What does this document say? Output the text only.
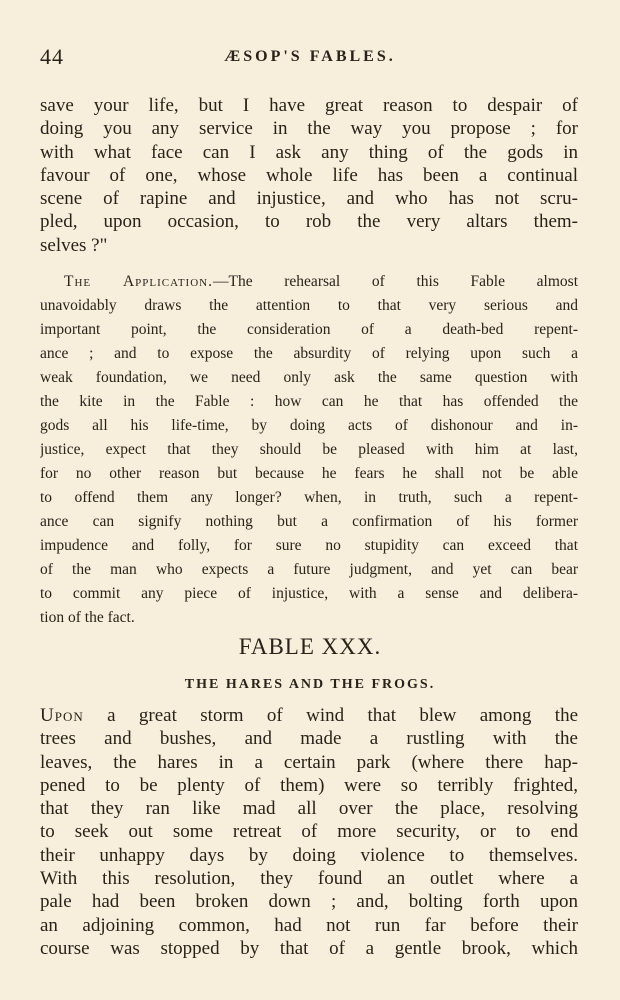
44	ÆSOP'S FABLES.
save your life, but I have great reason to despair of
doing you any service in the way you propose ; for
with what face can I ask any thing of the gods in
favour of one, whose whole life has been a continual
scene of rapine and injustice, and who has not scru-
pled, upon occasion, to rob the very altars them-
selves ?"
The Application.—The rehearsal of this Fable almost
unavoidably draws the attention to that very serious and
important point, the consideration of a death-bed repent-
ance ; and to expose the absurdity of relying upon such a
weak foundation, we need only ask the same question with
the kite in the Fable : how can he that has offended the
gods all his life-time, by doing acts of dishonour and in-
justice, expect that they should be pleased with him at last,
for no other reason but because he fears he shall not be able
to offend them any longer? when, in truth, such a repent-
ance can signify nothing but a confirmation of his former
impudence and folly, for sure no stupidity can exceed that
of the man who expects a future judgment, and yet can bear
to commit any piece of injustice, with a sense and delibera-
tion of the fact.
FABLE XXX.
THE HARES AND THE FROGS.
Upon a great storm of wind that blew among the
trees and bushes, and made a rustling with the
leaves, the hares in a certain park (where there hap-
pened to be plenty of them) were so terribly frighted,
that they ran like mad all over the place, resolving
to seek out some retreat of more security, or to end
their unhappy days by doing violence to themselves.
With this resolution, they found an outlet where a
pale had been broken down ; and, bolting forth upon
an adjoining common, had not run far before their
course was stopped by that of a gentle brook, which
